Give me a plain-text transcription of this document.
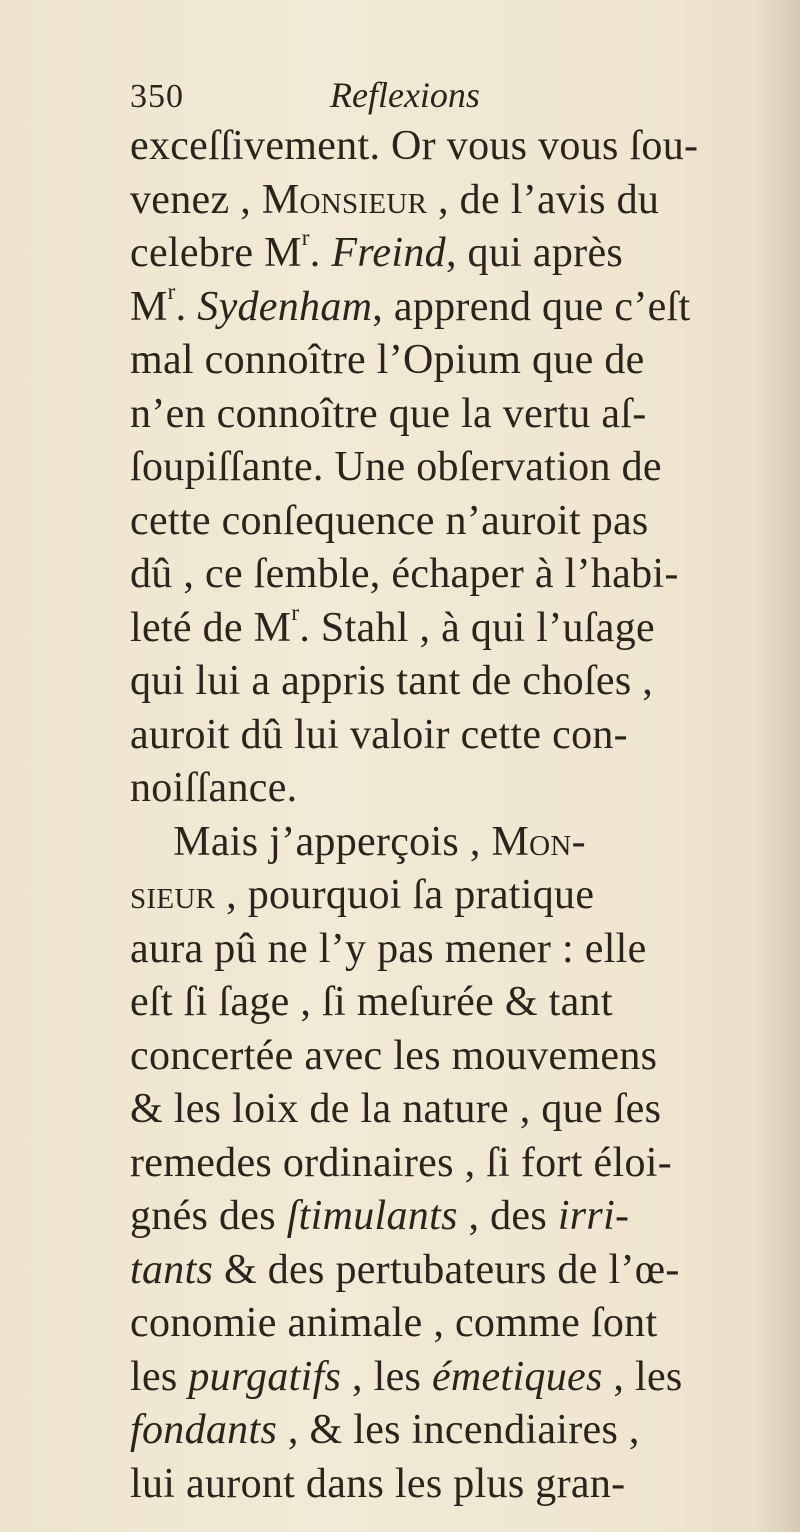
350	Reflexions
exceſſivement. Or vous vous ſou-
venez , Monsieur , de l’avis du
celebre $M^r$. Freind, qui après
$M^r$. Sydenham, apprend que c’eſt
mal connoître l’Opium que de
n’en connoître que la vertu aſ-
ſoupiſſante. Une obſervation de
cette conſequence n’auroit pas
dû , ce ſemble, échaper à l’habi-
leté de $M^r$. Stahl , à qui l’uſage
qui lui a appris tant de choſes ,
auroit dû lui valoir cette con-
noiſſance.
Mais j’apperçois , Mon-
sieur , pourquoi ſa pratique
aura pû ne l’y pas mener : elle
eſt ſi ſage , ſi meſurée & tant
concertée avec les mouvemens
& les loix de la nature , que ſes
remedes ordinaires , ſi fort éloi-
gnés des ſtimulants , des irri-
tants & des pertubateurs de l’œ-
conomie animale , comme ſont
les purgatifs , les émetiques , les
fondants , & les incendiaires ,
lui auront dans les plus gran-
